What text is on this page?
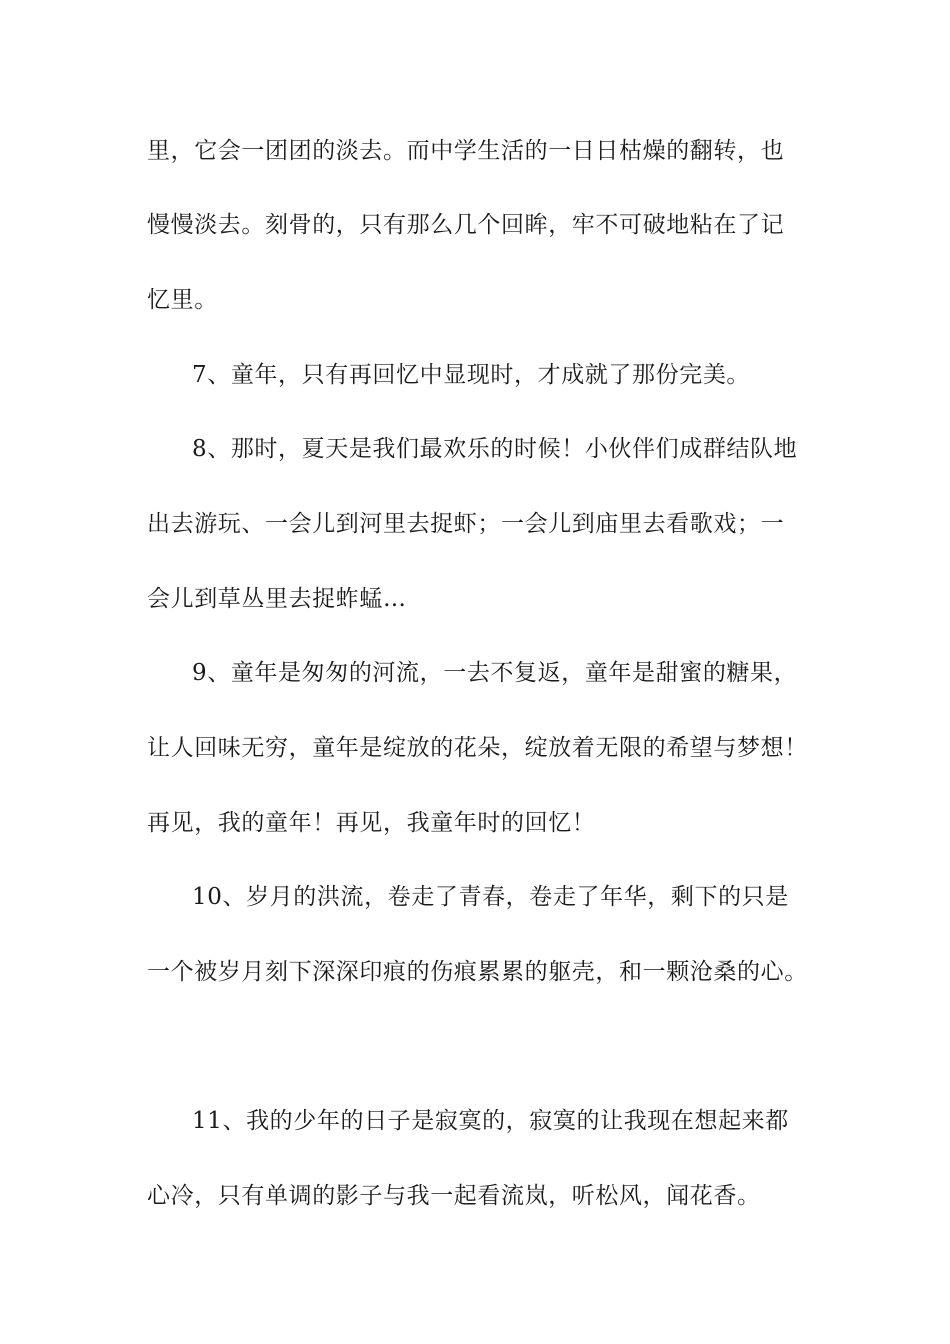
里，它会一团团的淡去。而中学生活的一日日枯燥的翻转，也
慢慢淡去。刻骨的，只有那么几个回眸，牢不可破地粘在了记
忆里。
7、童年，只有再回忆中显现时，才成就了那份完美。
8、那时，夏天是我们最欢乐的时候！小伙伴们成群结队地
出去游玩、一会儿到河里去捉虾；一会儿到庙里去看歌戏；一
会儿到草丛里去捉蚱蜢…
9、童年是匆匆的河流，一去不复返，童年是甜蜜的糖果，
让人回味无穷，童年是绽放的花朵，绽放着无限的希望与梦想！
再见，我的童年！再见，我童年时的回忆！
10、岁月的洪流，卷走了青春，卷走了年华，剩下的只是
一个被岁月刻下深深印痕的伤痕累累的躯壳，和一颗沧桑的心。
11、我的少年的日子是寂寞的，寂寞的让我现在想起来都
心冷，只有单调的影子与我一起看流岚，听松风，闻花香。
